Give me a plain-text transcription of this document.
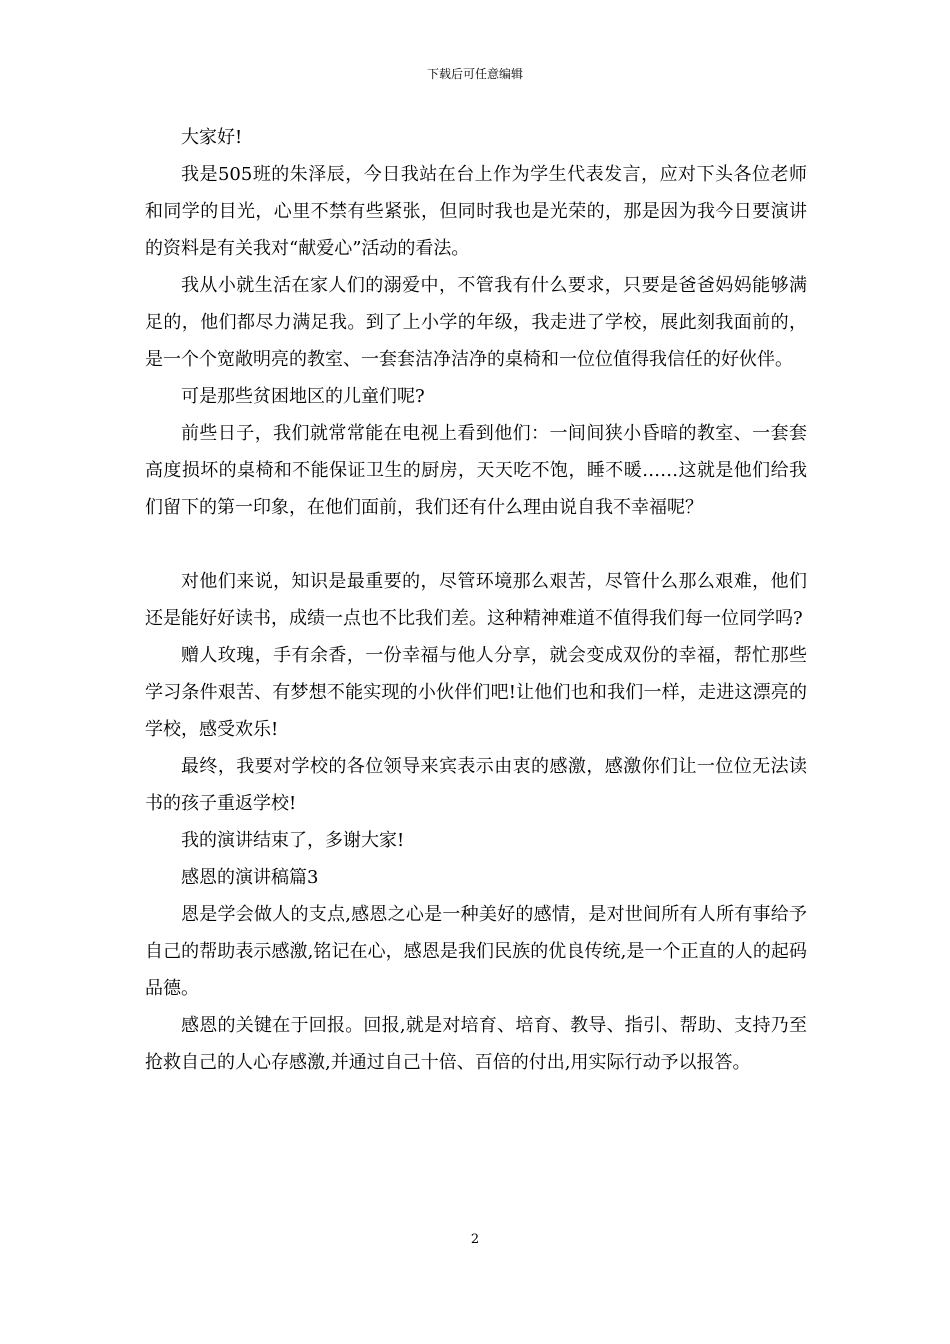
下载后可任意编辑

大家好!

我是505班的朱泽辰，今日我站在台上作为学生代表发言，应对下头各位老师和同学的目光，心里不禁有些紧张，但同时我也是光荣的，那是因为我今日要演讲的资料是有关我对“献爱心”活动的看法。

我从小就生活在家人们的溺爱中，不管我有什么要求，只要是爸爸妈妈能够满足的，他们都尽力满足我。到了上小学的年级，我走进了学校，展此刻我面前的，是一个个宽敞明亮的教室、一套套洁净洁净的桌椅和一位位值得我信任的好伙伴。

可是那些贫困地区的儿童们呢?

前些日子，我们就常常能在电视上看到他们：一间间狭小昏暗的教室、一套套高度损坏的桌椅和不能保证卫生的厨房，天天吃不饱，睡不暖……这就是他们给我们留下的第一印象，在他们面前，我们还有什么理由说自我不幸福呢？

对他们来说，知识是最重要的，尽管环境那么艰苦，尽管什么那么艰难，他们还是能好好读书，成绩一点也不比我们差。这种精神难道不值得我们每一位同学吗?

赠人玫瑰，手有余香，一份幸福与他人分享，就会变成双份的幸福，帮忙那些学习条件艰苦、有梦想不能实现的小伙伴们吧!让他们也和我们一样，走进这漂亮的学校，感受欢乐!

最终，我要对学校的各位领导来宾表示由衷的感激，感激你们让一位位无法读书的孩子重返学校!

我的演讲结束了，多谢大家!

感恩的演讲稿篇3

恩是学会做人的支点,感恩之心是一种美好的感情，是对世间所有人所有事给予自己的帮助表示感激,铭记在心，感恩是我们民族的优良传统,是一个正直的人的起码品德。

感恩的关键在于回报。回报,就是对培育、培育、教导、指引、帮助、支持乃至抢救自己的人心存感激,并通过自己十倍、百倍的付出,用实际行动予以报答。

2
